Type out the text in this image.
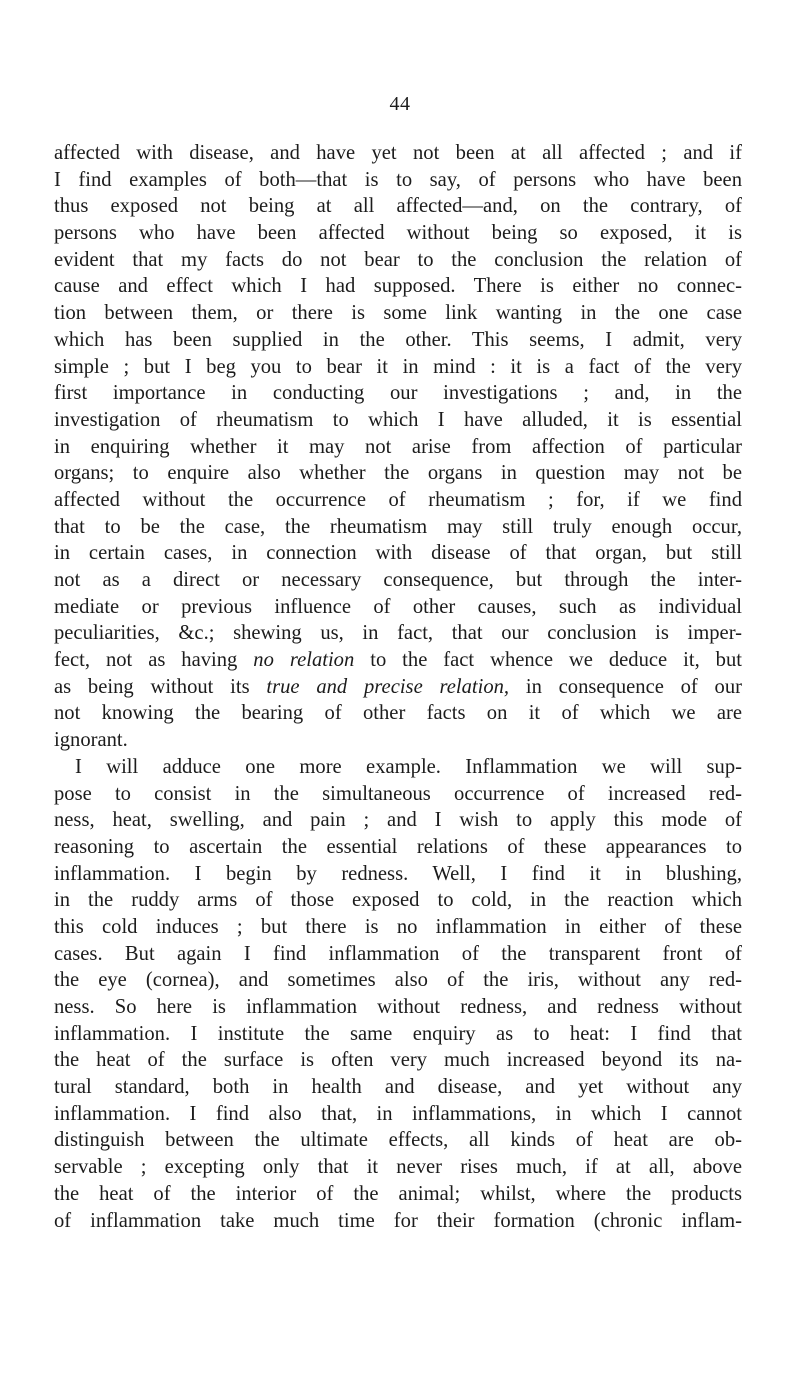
44
affected with disease, and have yet not been at all affected ; and if
I find examples of both—that is to say, of persons who have been
thus exposed not being at all affected—and, on the contrary, of
persons who have been affected without being so exposed, it is
evident that my facts do not bear to the conclusion the relation of
cause and effect which I had supposed. There is either no connec-
tion between them, or there is some link wanting in the one case
which has been supplied in the other. This seems, I admit, very
simple ; but I beg you to bear it in mind : it is a fact of the very
first importance in conducting our investigations ; and, in the
investigation of rheumatism to which I have alluded, it is essential
in enquiring whether it may not arise from affection of particular
organs; to enquire also whether the organs in question may not be
affected without the occurrence of rheumatism ; for, if we find
that to be the case, the rheumatism may still truly enough occur,
in certain cases, in connection with disease of that organ, but still
not as a direct or necessary consequence, but through the inter-
mediate or previous influence of other causes, such as individual
peculiarities, &c.; shewing us, in fact, that our conclusion is imper-
fect, not as having no relation to the fact whence we deduce it, but
as being without its true and precise relation, in consequence of our
not knowing the bearing of other facts on it of which we are
ignorant.
I will adduce one more example. Inflammation we will sup-
pose to consist in the simultaneous occurrence of increased red-
ness, heat, swelling, and pain ; and I wish to apply this mode of
reasoning to ascertain the essential relations of these appearances to
inflammation. I begin by redness. Well, I find it in blushing,
in the ruddy arms of those exposed to cold, in the reaction which
this cold induces ; but there is no inflammation in either of these
cases. But again I find inflammation of the transparent front of
the eye (cornea), and sometimes also of the iris, without any red-
ness. So here is inflammation without redness, and redness without
inflammation. I institute the same enquiry as to heat: I find that
the heat of the surface is often very much increased beyond its na-
tural standard, both in health and disease, and yet without any
inflammation. I find also that, in inflammations, in which I cannot
distinguish between the ultimate effects, all kinds of heat are ob-
servable ; excepting only that it never rises much, if at all, above
the heat of the interior of the animal; whilst, where the products
of inflammation take much time for their formation (chronic inflam-
